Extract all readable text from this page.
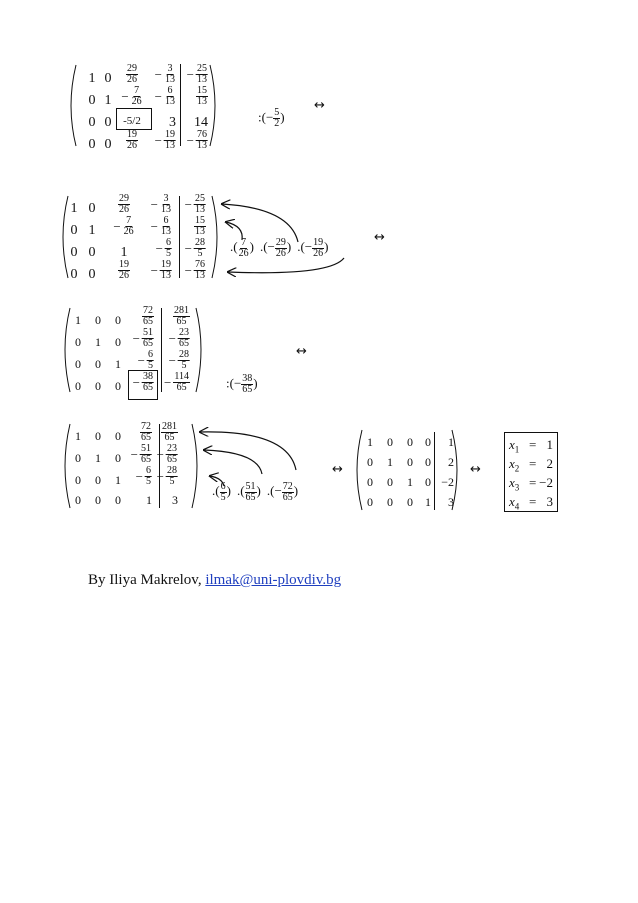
1 $0 \frac{29}{26} - \frac{3}{13} - \frac{25}{13}$
0 $1 - \frac{7}{26} - \frac{6}{13} \frac{15}{13}$
0 0 -5/2 3 14
0 $0 \frac{19}{26} - \frac{19}{13} - \frac{76}{13}$
:(− $\frac{5}{2}$ )
↔
1 $0 \frac{29}{26} - \frac{3}{13} - \frac{25}{13}$
0 $1 - \frac{7}{26} - \frac{6}{13} \frac{15}{13}$
0 0 $1 - \frac{6}{5} - \frac{28}{5}$
0 $0 \frac{19}{26} - \frac{19}{13} - \frac{76}{13}$
.( $\frac{7}{26}$ ) .(− $\frac{29}{26}$ ) .(− $\frac{19}{26}$ )
↔
1 0 $0 \frac{72}{65} \frac{281}{65}$
0 1 $0 - \frac{51}{65} - \frac{23}{65}$
0 0 $1 - \frac{6}{5} - \frac{28}{5}$
0 0 $0 - \frac{38}{65} - \frac{114}{65}$	:(− $\frac{38}{65}$ )
↔
1 0 $0 \frac{72}{65} \frac{281}{65}$
0 1 $0 - \frac{51}{65} - \frac{23}{65}$
0 0 $1 - \frac{6}{5} - \frac{28}{5}$
0 0 0 1 3
.( $\frac{6}{5}$ ) .( $\frac{51}{65}$ ) .(− $\frac{72}{65}$ )
↔
1 0 0 0 1
0 1 0 0 2
0 0 1 0 −2
0 0 0 1 3
↔
$x_1 = 1$
$x_2 = 2$
$x_3 = -2$
$x_4 = 3$
By Iliya Makrelov, ilmak@uni-plovdiv.bg
